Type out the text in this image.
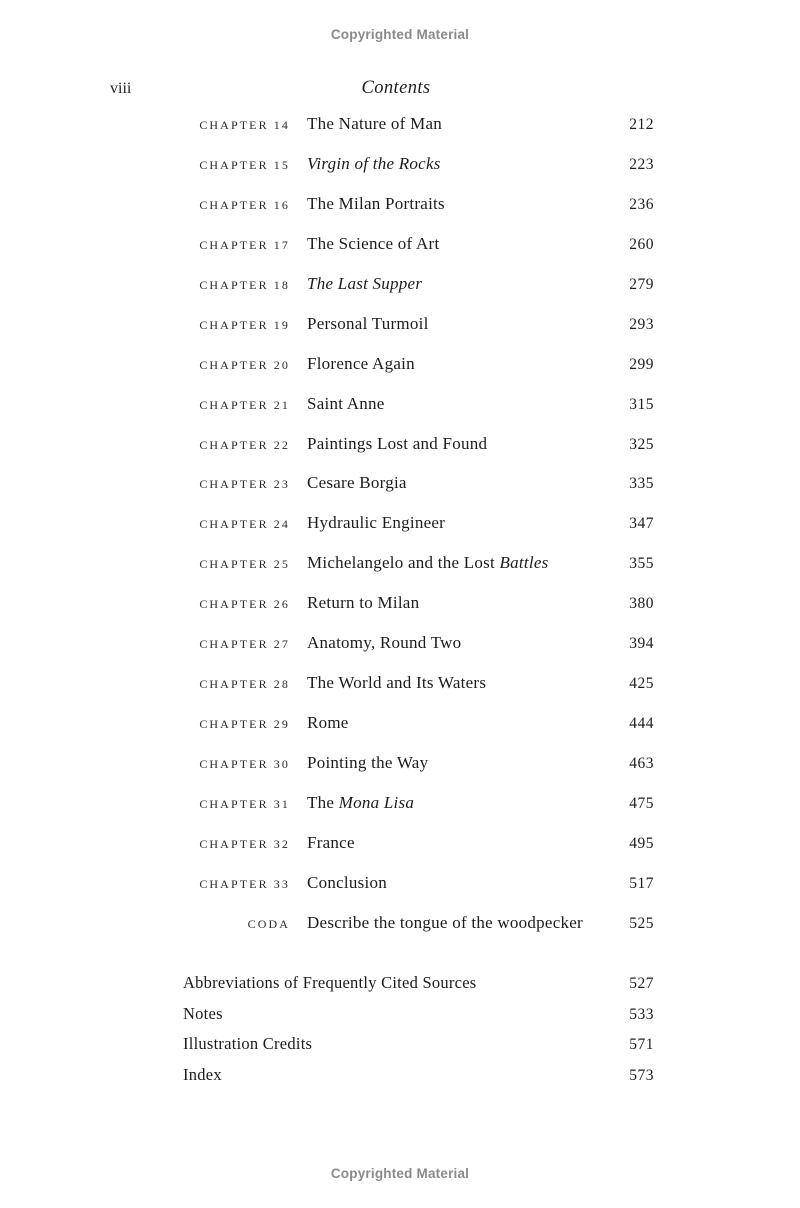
Copyrighted Material
viii	Contents
CHAPTER 14 The Nature of Man	212
CHAPTER 15 Virgin of the Rocks	223
CHAPTER 16 The Milan Portraits	236
CHAPTER 17 The Science of Art	260
CHAPTER 18 The Last Supper	279
CHAPTER 19 Personal Turmoil	293
CHAPTER 20 Florence Again	299
CHAPTER 21 Saint Anne	315
CHAPTER 22 Paintings Lost and Found	325
CHAPTER 23 Cesare Borgia	335
CHAPTER 24 Hydraulic Engineer	347
CHAPTER 25 Michelangelo and the Lost Battles	355
CHAPTER 26 Return to Milan	380
CHAPTER 27 Anatomy, Round Two	394
CHAPTER 28 The World and Its Waters	425
CHAPTER 29 Rome	444
CHAPTER 30 Pointing the Way	463
CHAPTER 31 The Mona Lisa	475
CHAPTER 32 France	495
CHAPTER 33 Conclusion	517
CODA Describe the tongue of the woodpecker	525
Abbreviations of Frequently Cited Sources	527
Notes	533
Illustration Credits	571
Index	573
Copyrighted Material
